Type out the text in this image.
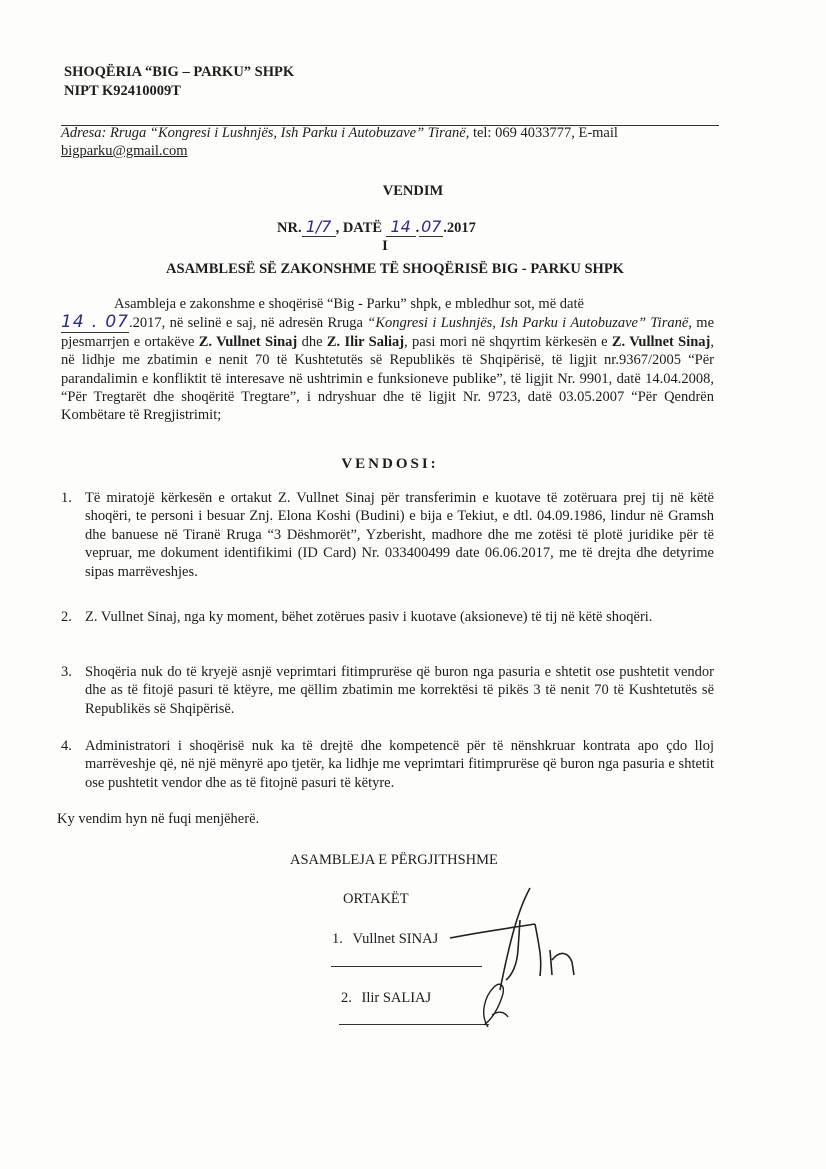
SHOQËRIA “BIG – PARKU” SHPK
NIPT K92410009T
Adresa: Rruga “Kongresi i Lushnjës, Ish Parku i Autobuzave” Tiranë, tel: 069 4033777, E-mail
bigparku@gmail.com
VENDIM
NR. 1/7 , DATË 14 . 07 .2017
I
ASAMBLESË SË ZAKONSHME TË SHOQËRISË BIG - PARKU SHPK
Asambleja e zakonshme e shoqërisë “Big - Parku” shpk, e mbledhur sot, më datë
14 . 07.2017, në selinë e saj, në adresën Rruga “Kongresi i Lushnjës, Ish Parku i Autobuzave” Tiranë, me pjesmarrjen e ortakëve Z. Vullnet Sinaj dhe Z. Ilir Saliaj, pasi mori në shqyrtim kërkesën e Z. Vullnet Sinaj, në lidhje me zbatimin e nenit 70 të Kushtetutës së Republikës të Shqipërisë, të ligjit nr.9367/2005 “Për parandalimin e konfliktit të interesave në ushtrimin e funksioneve publike”, të ligjit Nr. 9901, datë 14.04.2008, “Për Tregtarët dhe shoqëritë Tregtare”, i ndryshuar dhe të ligjit Nr. 9723, datë 03.05.2007 “Për Qendrën Kombëtare të Rregjistrimit;
VENDOSI:
1. Të miratojë kërkesën e ortakut Z. Vullnet Sinaj për transferimin e kuotave të zotëruara prej tij në këtë shoqëri, te personi i besuar Znj. Elona Koshi (Budini) e bija e Tekiut, e dtl. 04.09.1986, lindur në Gramsh dhe banuese në Tiranë Rruga “3 Dëshmorët”, Yzberisht, madhore dhe me zotësi të plotë juridike për të vepruar, me dokument identifikimi (ID Card) Nr. 033400499 date 06.06.2017, me të drejta dhe detyrime sipas marrëveshjes.
2. Z. Vullnet Sinaj, nga ky moment, bëhet zotërues pasiv i kuotave (aksioneve) të tij në këtë shoqëri.
3. Shoqëria nuk do të kryejë asnjë veprimtari fitimprurëse që buron nga pasuria e shtetit ose pushtetit vendor dhe as të fitojë pasuri të ktëyre, me qëllim zbatimin me korrektësi të pikës 3 të nenit 70 të Kushtetutës së Republikës së Shqipërisë.
4. Administratori i shoqërisë nuk ka të drejtë dhe kompetencë për të nënshkruar kontrata apo çdo lloj marrëveshje që, në një mënyrë apo tjetër, ka lidhje me veprimtari fitimprurëse që buron nga pasuria e shtetit ose pushtetit vendor dhe as të fitojnë pasuri të këtyre.
Ky vendim hyn në fuqi menjëherë.
ASAMBLEJA E PËRGJITHSHME
ORTAKËT
1. Vullnet SINAJ
2. Ilir SALIAJ
